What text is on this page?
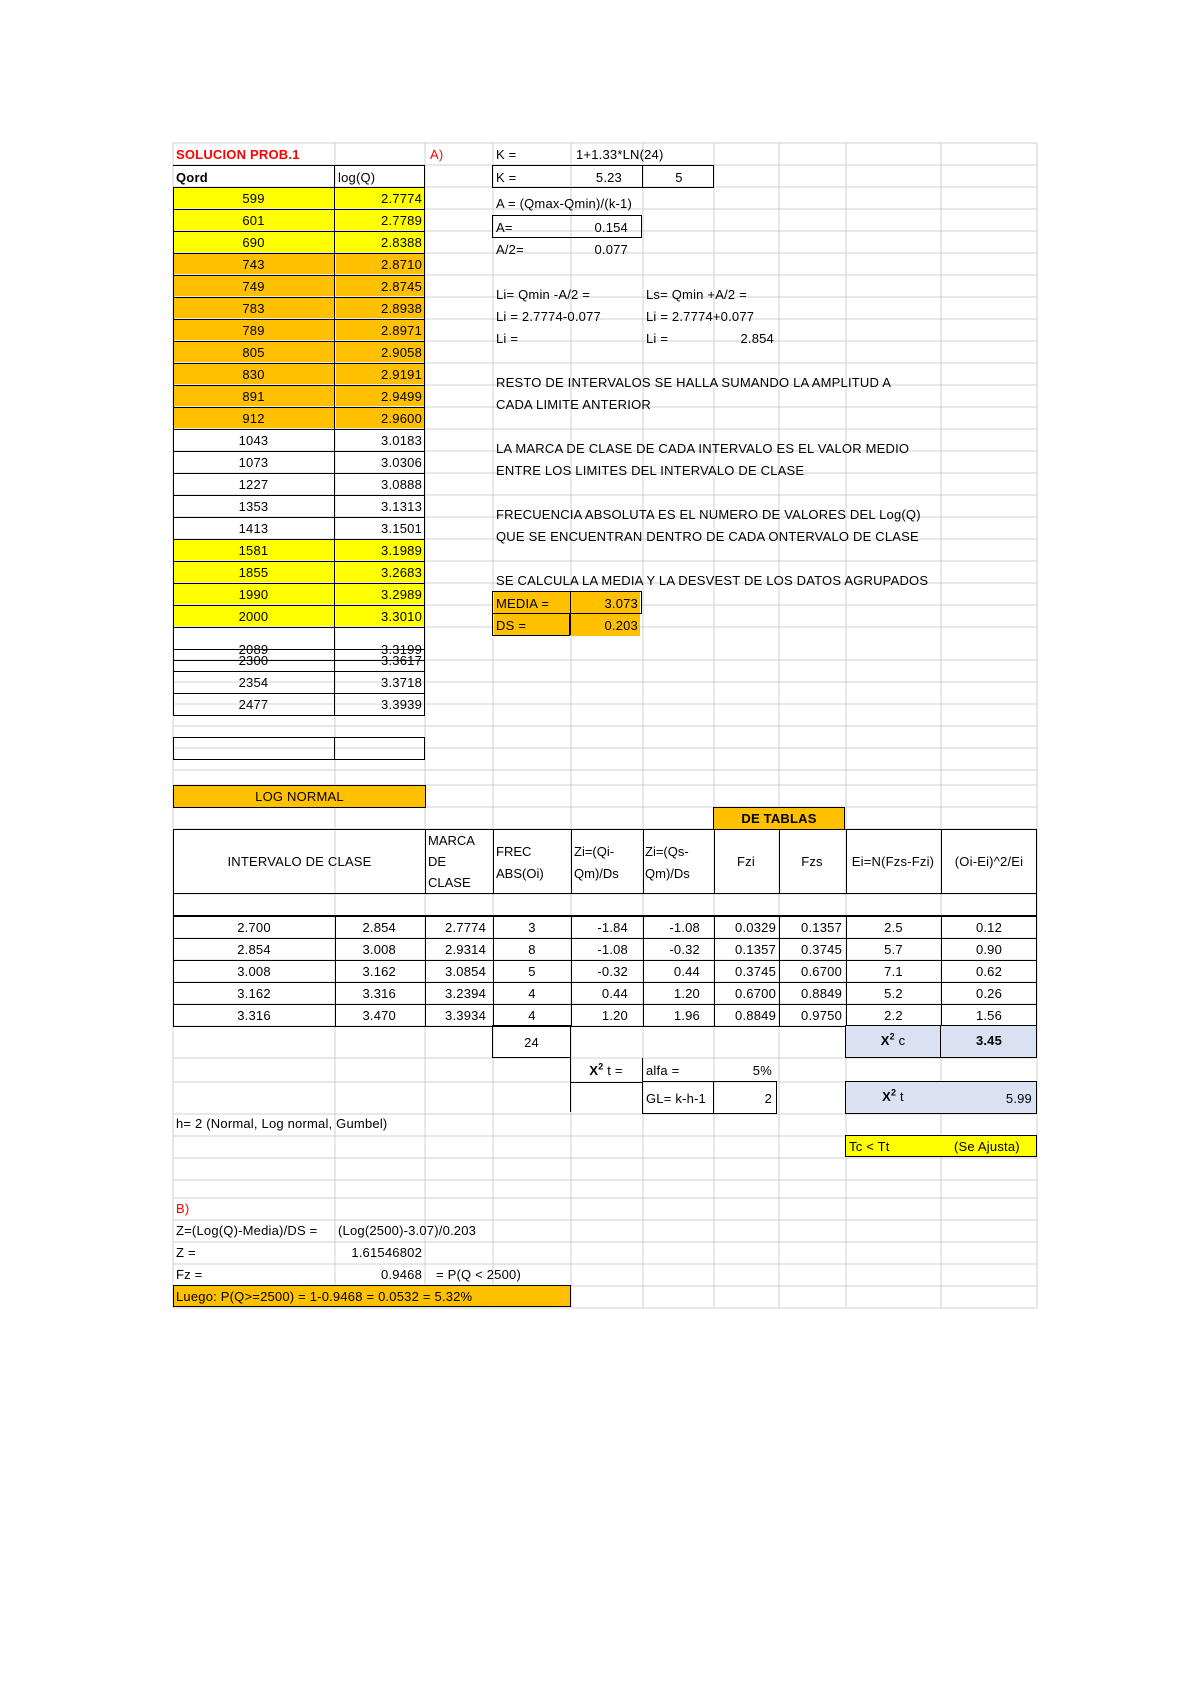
SOLUCION PROB.1	A)
Qord	log(Q)
599	2.7774
601	2.7789
690	2.8388
743	2.8710
749	2.8745
783	2.8938
789	2.8971
805	2.9058
830	2.9191
891	2.9499
912	2.9600
1043	3.0183
1073	3.0306
1227	3.0888
1353	3.1313
1413	3.1501
1581	3.1989
1855	3.2683
1990	3.2989
2000	3.3010
2089	3.3199
2300	3.3617
2354	3.3718
2477	3.3939
K =	1+1.33*LN(24)
K =	5.23	5
A = (Qmax-Qmin)/(k-1)
A=	0.154
A/2=	0.077
Li= Qmin -A/2 =	Ls= Qmin +A/2 =
Li = 2.7774-0.077	Li = 2.7774+0.077
Li =	Li =	2.854
RESTO DE INTERVALOS SE HALLA SUMANDO LA AMPLITUD A
CADA LIMITE ANTERIOR
LA MARCA DE CLASE DE CADA INTERVALO ES EL VALOR MEDIO
ENTRE LOS LIMITES DEL INTERVALO DE CLASE
FRECUENCIA ABSOLUTA ES EL NUMERO DE VALORES DEL Log(Q)
QUE SE ENCUENTRAN DENTRO DE CADA ONTERVALO DE CLASE
SE CALCULA LA MEDIA Y LA DESVEST DE LOS DATOS AGRUPADOS
MEDIA =	3.073
DS =	0.203
LOG NORMAL
DE TABLAS
INTERVALO DE CLASE
MARCA
DE
CLASE
FREC
ABS(Oi)
Zi=(Qi-
Qm)/Ds
Zi=(Qs-
Qm)/Ds
Fzi	Fzs	Ei=N(Fzs-Fzi)	(Oi-Ei)^2/Ei
2.700	2.854	2.7774	3	-1.84	-1.08	0.0329	0.1357	2.5	0.12
2.854	3.008	2.9314	8	-1.08	-0.32	0.1357	0.3745	5.7	0.90
3.008	3.162	3.0854	5	-0.32	0.44	0.3745	0.6700	7.1	0.62
3.162	3.316	3.2394	4	0.44	1.20	0.6700	0.8849	5.2	0.26
3.316	3.470	3.3934	4	1.20	1.96	0.8849	0.9750	2.2	1.56
24	$X^2$ c	3.45
$X^2$ t =	alfa =	5%
GL= k-h-1	2	$X^2$ t	5.99
h= 2 (Normal, Log normal, Gumbel)
Tc < Tt	(Se Ajusta)
B)
Z=(Log(Q)-Media)/DS = (Log(2500)-3.07)/0.203
Z =	1.61546802
Fz =	0.9468 = P(Q < 2500)
Luego: P(Q>=2500) = 1-0.9468 = 0.0532 = 5.32%
